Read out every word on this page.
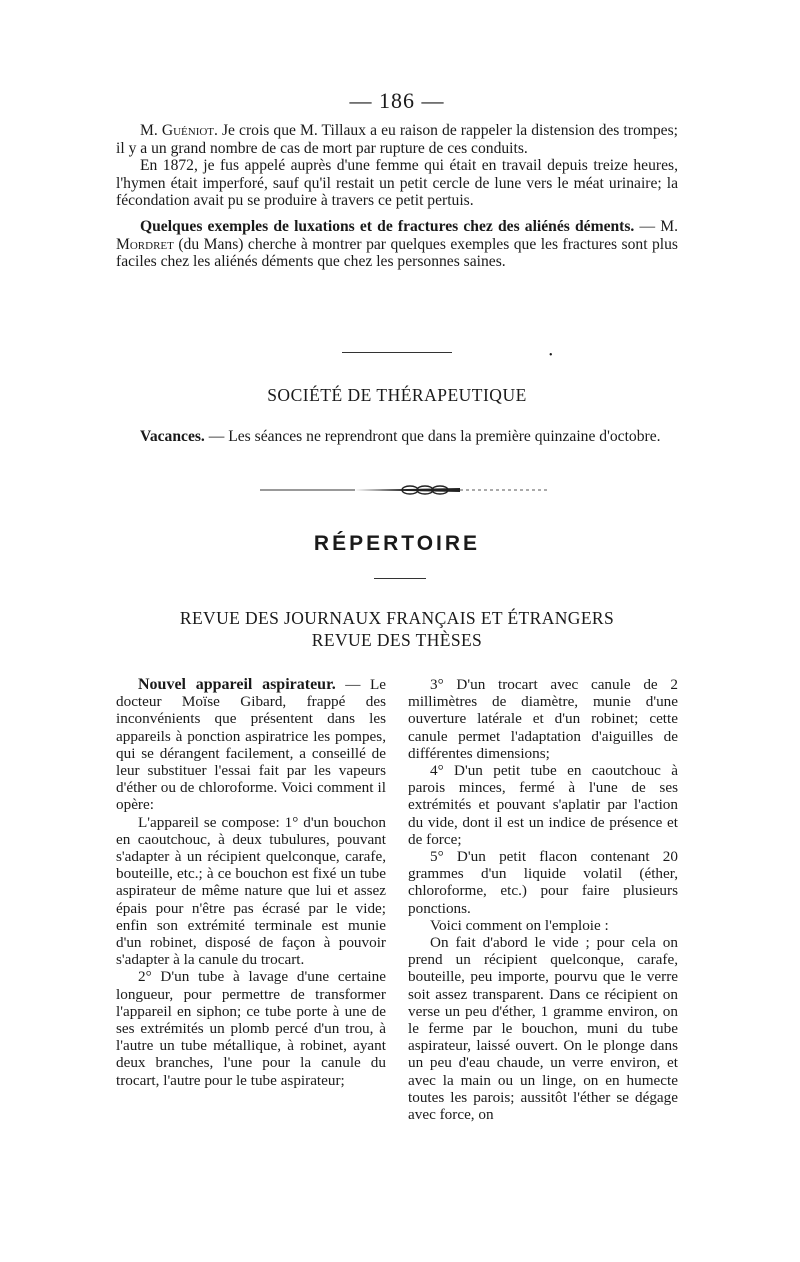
— 186 —

M. Guéniot. Je crois que M. Tillaux a eu raison de rappeler la distension des trompes; il y a un grand nombre de cas de mort par rupture de ces conduits.

En 1872, je fus appelé auprès d'une femme qui était en travail depuis treize heures, l'hymen était imperforé, sauf qu'il restait un petit cercle de lune vers le méat urinaire; la fécondation avait pu se produire à travers ce petit pertuis.

Quelques exemples de luxations et de fractures chez des aliénés déments. — M. Mordret (du Mans) cherche à montrer par quelques exemples que les fractures sont plus faciles chez les aliénés déments que chez les personnes saines.

•
SOCIÉTÉ DE THÉRAPEUTIQUE

Vacances. — Les séances ne reprendront que dans la première quinzaine d'octobre.

RÉPERTOIRE
REVUE DES JOURNAUX FRANÇAIS ET ÉTRANGERS
REVUE DES THÈSES

Nouvel appareil aspirateur. — Le docteur Moïse Gibard, frappé des inconvénients que présentent dans les appareils à ponction aspiratrice les pompes, qui se dérangent facilement, a conseillé de leur substituer l'essai fait par les vapeurs d'éther ou de chloroforme. Voici comment il opère:

L'appareil se compose: 1° d'un bouchon en caoutchouc, à deux tubulures, pouvant s'adapter à un récipient quelconque, carafe, bouteille, etc.; à ce bouchon est fixé un tube aspirateur de même nature que lui et assez épais pour n'être pas écrasé par le vide; enfin son extrémité terminale est munie d'un robinet, disposé de façon à pouvoir s'adapter à la canule du trocart.

2° D'un tube à lavage d'une certaine longueur, pour permettre de transformer l'appareil en siphon; ce tube porte à une de ses extrémités un plomb percé d'un trou, à l'autre un tube métallique, à robinet, ayant deux branches, l'une pour la canule du trocart, l'autre pour le tube aspirateur;

3° D'un trocart avec canule de 2 millimètres de diamètre, munie d'une ouverture latérale et d'un robinet; cette canule permet l'adaptation d'aiguilles de différentes dimensions;

4° D'un petit tube en caoutchouc à parois minces, fermé à l'une de ses extrémités et pouvant s'aplatir par l'action du vide, dont il est un indice de présence et de force;

5° D'un petit flacon contenant 20 grammes d'un liquide volatil (éther, chloroforme, etc.) pour faire plusieurs ponctions.

Voici comment on l'emploie :

On fait d'abord le vide ; pour cela on prend un récipient quelconque, carafe, bouteille, peu importe, pourvu que le verre soit assez transparent. Dans ce récipient on verse un peu d'éther, 1 gramme environ, on le ferme par le bouchon, muni du tube aspirateur, laissé ouvert. On le plonge dans un peu d'eau chaude, un verre environ, et avec la main ou un linge, on en humecte toutes les parois; aussitôt l'éther se dégage avec force, on
